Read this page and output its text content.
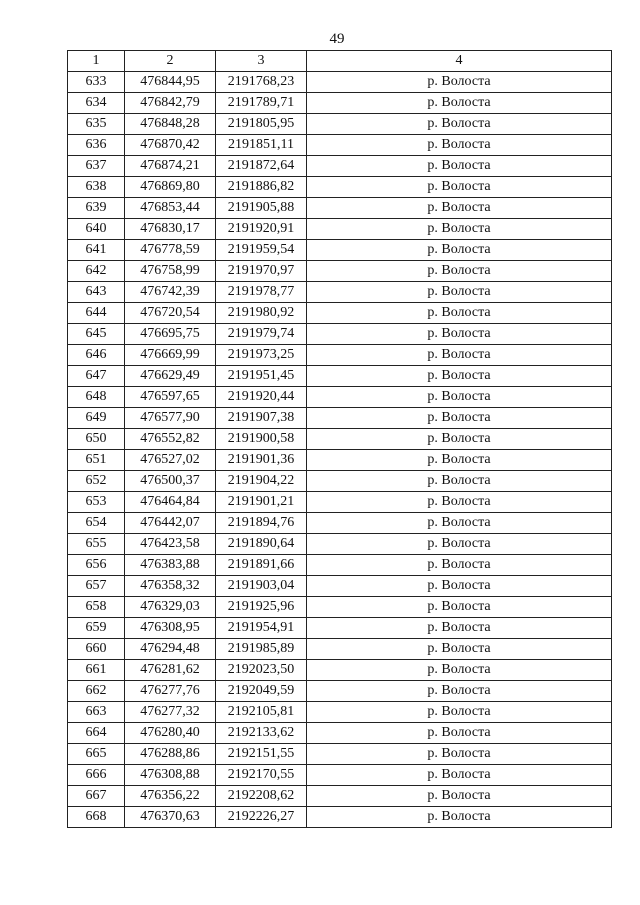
49
1	2	3	4
633	476844,95	2191768,23	р. Волоста
634	476842,79	2191789,71	р. Волоста
635	476848,28	2191805,95	р. Волоста
636	476870,42	2191851,11	р. Волоста
637	476874,21	2191872,64	р. Волоста
638	476869,80	2191886,82	р. Волоста
639	476853,44	2191905,88	р. Волоста
640	476830,17	2191920,91	р. Волоста
641	476778,59	2191959,54	р. Волоста
642	476758,99	2191970,97	р. Волоста
643	476742,39	2191978,77	р. Волоста
644	476720,54	2191980,92	р. Волоста
645	476695,75	2191979,74	р. Волоста
646	476669,99	2191973,25	р. Волоста
647	476629,49	2191951,45	р. Волоста
648	476597,65	2191920,44	р. Волоста
649	476577,90	2191907,38	р. Волоста
650	476552,82	2191900,58	р. Волоста
651	476527,02	2191901,36	р. Волоста
652	476500,37	2191904,22	р. Волоста
653	476464,84	2191901,21	р. Волоста
654	476442,07	2191894,76	р. Волоста
655	476423,58	2191890,64	р. Волоста
656	476383,88	2191891,66	р. Волоста
657	476358,32	2191903,04	р. Волоста
658	476329,03	2191925,96	р. Волоста
659	476308,95	2191954,91	р. Волоста
660	476294,48	2191985,89	р. Волоста
661	476281,62	2192023,50	р. Волоста
662	476277,76	2192049,59	р. Волоста
663	476277,32	2192105,81	р. Волоста
664	476280,40	2192133,62	р. Волоста
665	476288,86	2192151,55	р. Волоста
666	476308,88	2192170,55	р. Волоста
667	476356,22	2192208,62	р. Волоста
668	476370,63	2192226,27	р. Волоста
